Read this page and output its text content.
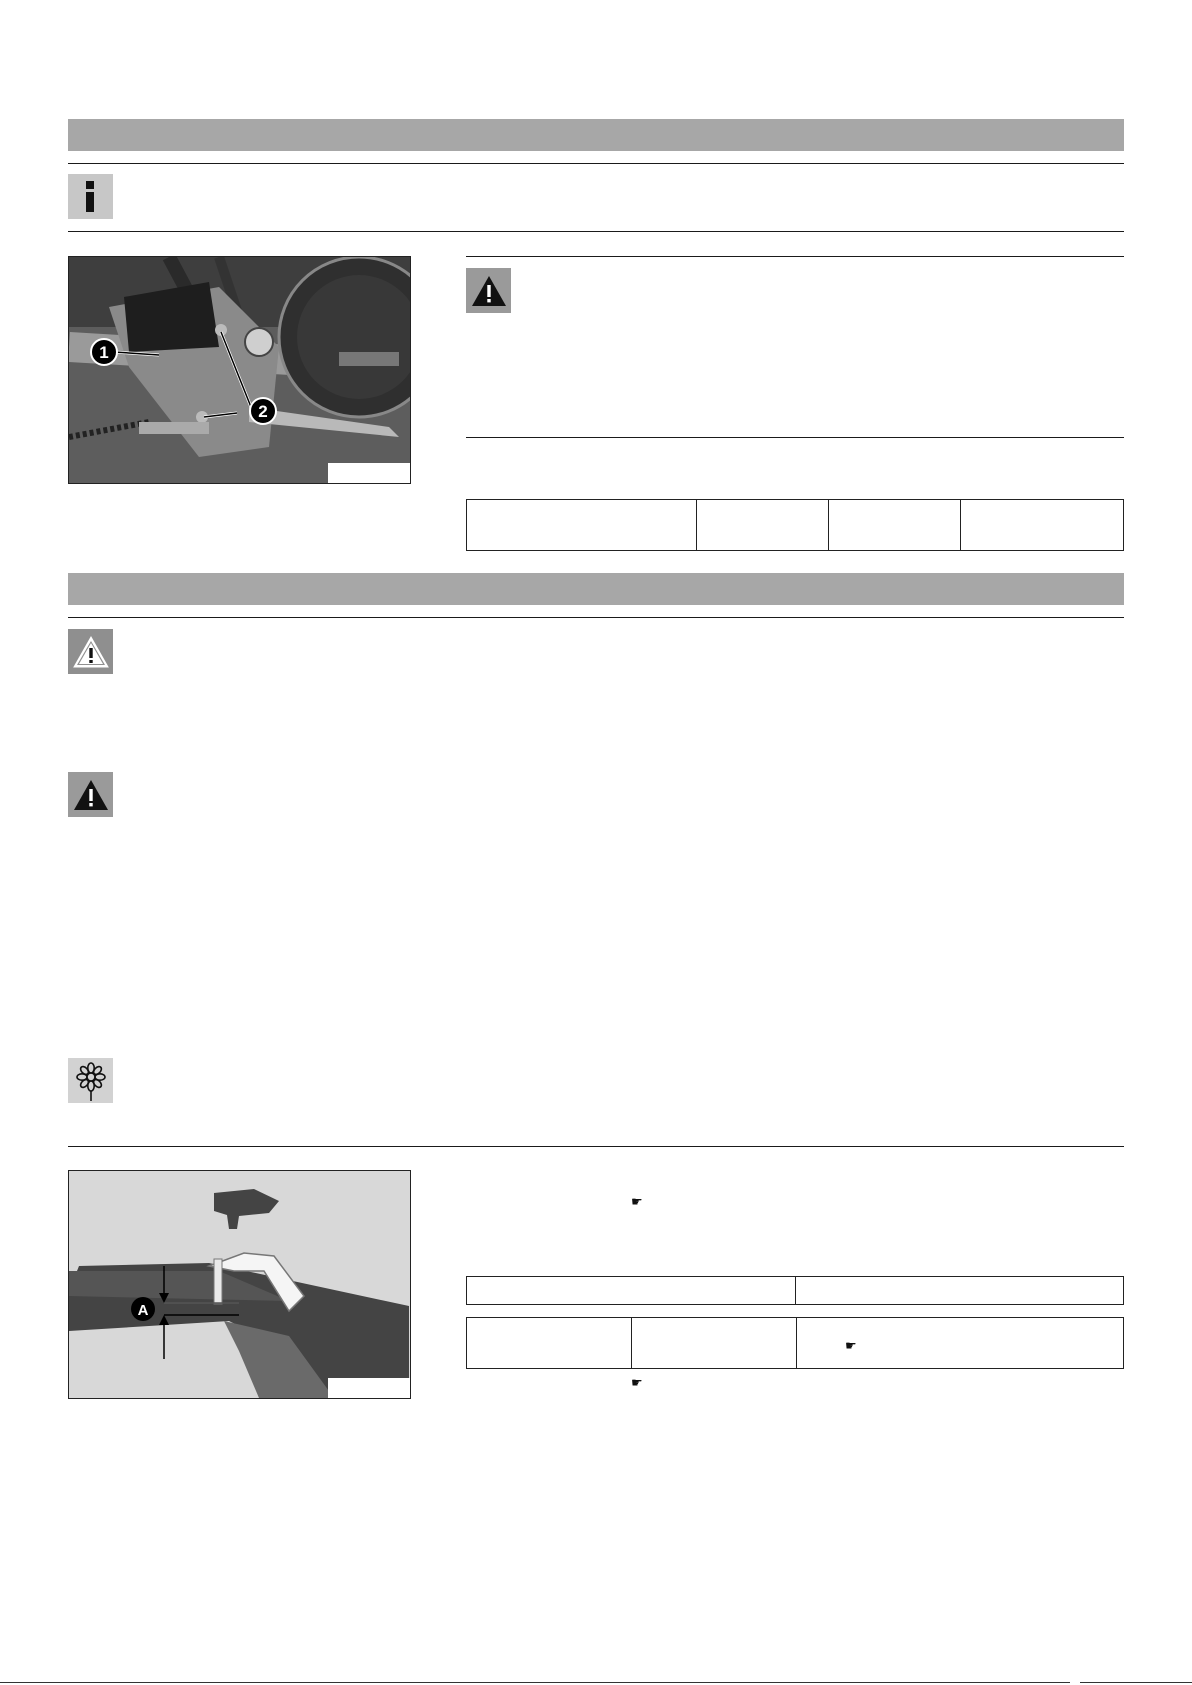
1
2

A
☛

☛
☛
